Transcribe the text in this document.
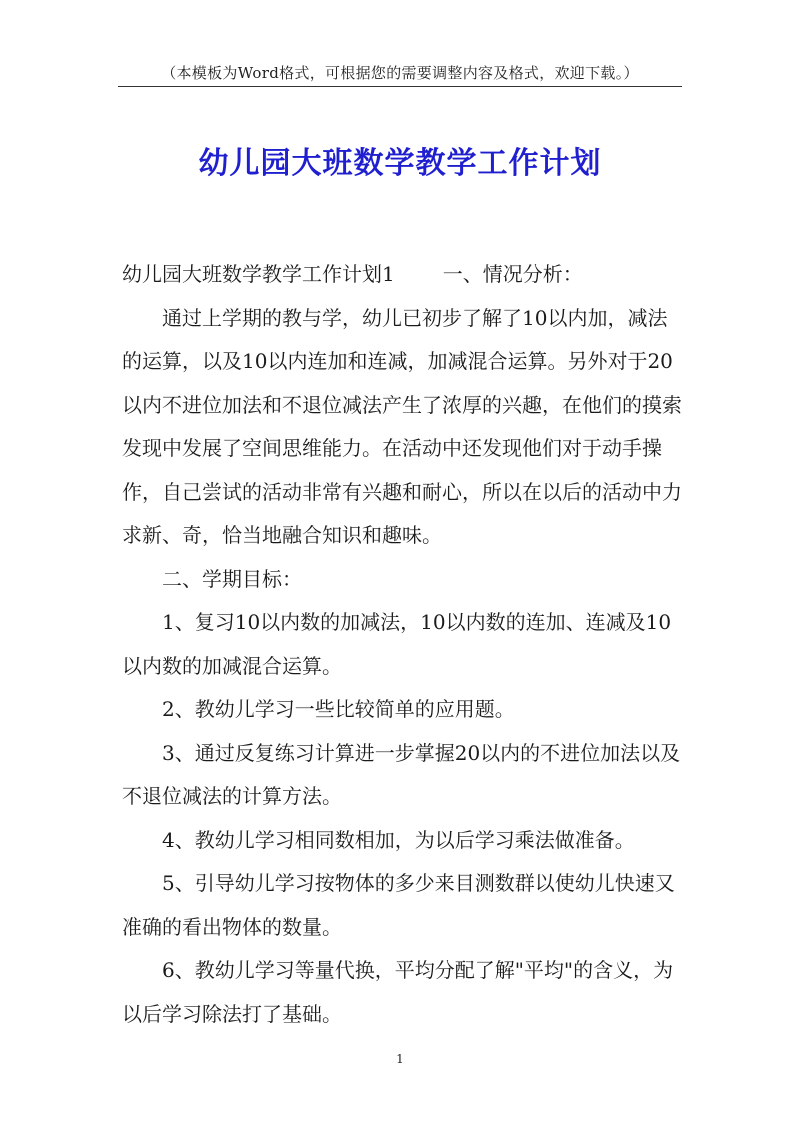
（本模板为Word格式，可根据您的需要调整内容及格式，欢迎下载。）
幼儿园大班数学教学工作计划

幼儿园大班数学教学工作计划1 一、情况分析：

通过上学期的教与学，幼儿已初步了解了10以内加，减法的运算，以及10以内连加和连减，加减混合运算。另外对于20以内不进位加法和不退位减法产生了浓厚的兴趣，在他们的摸索发现中发展了空间思维能力。在活动中还发现他们对于动手操作，自己尝试的活动非常有兴趣和耐心，所以在以后的活动中力求新、奇，恰当地融合知识和趣味。

二、学期目标：

1、复习10以内数的加减法，10以内数的连加、连减及10以内数的加减混合运算。

2、教幼儿学习一些比较简单的应用题。

3、通过反复练习计算进一步掌握20以内的不进位加法以及不退位减法的计算方法。

4、教幼儿学习相同数相加，为以后学习乘法做准备。

5、引导幼儿学习按物体的多少来目测数群以使幼儿快速又准确的看出物体的数量。

6、教幼儿学习等量代换，平均分配了解"平均"的含义，为以后学习除法打了基础。

1
